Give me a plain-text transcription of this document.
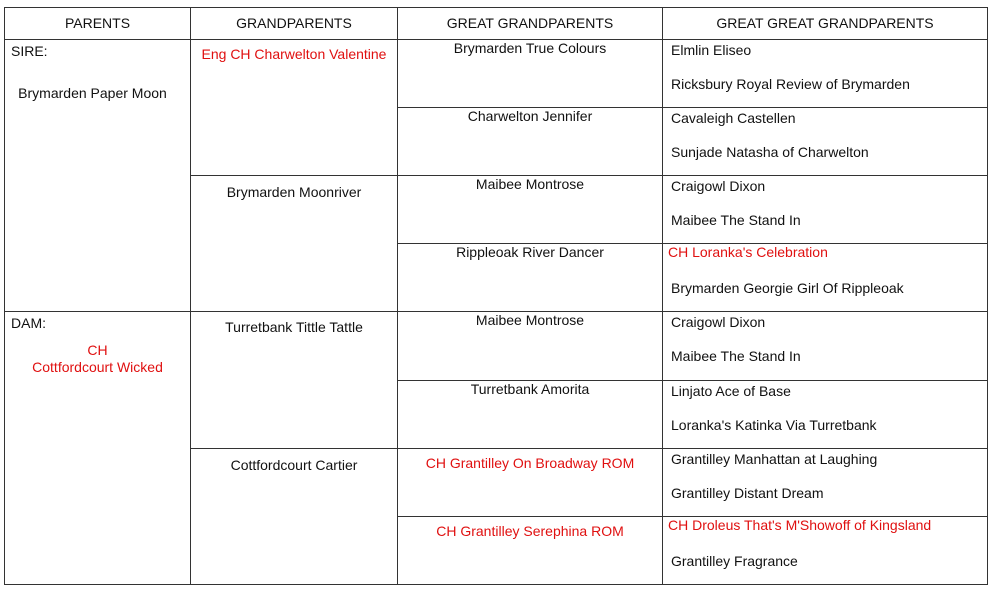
PARENTS	GRANDPARENTS	GREAT GRANDPARENTS	GREAT GREAT GRANDPARENTS

SIRE:
Brymarden Paper Moon	Eng CH Charwelton Valentine	Brymarden True Colours	Elmlin Eliseo
Ricksbury Royal Review of Brymarden

		Charwelton Jennifer	Cavaleigh Castellen
Sunjade Natasha of Charwelton

	Brymarden Moonriver	Maibee Montrose	Craigowl Dixon
Maibee The Stand In

		Rippleoak River Dancer	CH Loranka's Celebration
Brymarden Georgie Girl Of Rippleoak

DAM:
CH
Cottfordcourt Wicked	Turretbank Tittle Tattle	Maibee Montrose	Craigowl Dixon
Maibee The Stand In

		Turretbank Amorita	Linjato Ace of Base
Loranka's Katinka Via Turretbank

	Cottfordcourt Cartier	CH Grantilley On Broadway ROM	Grantilley Manhattan at Laughing
Grantilley Distant Dream

		CH Grantilley Serephina ROM	CH Droleus That's M'Showoff of Kingsland
Grantilley Fragrance
